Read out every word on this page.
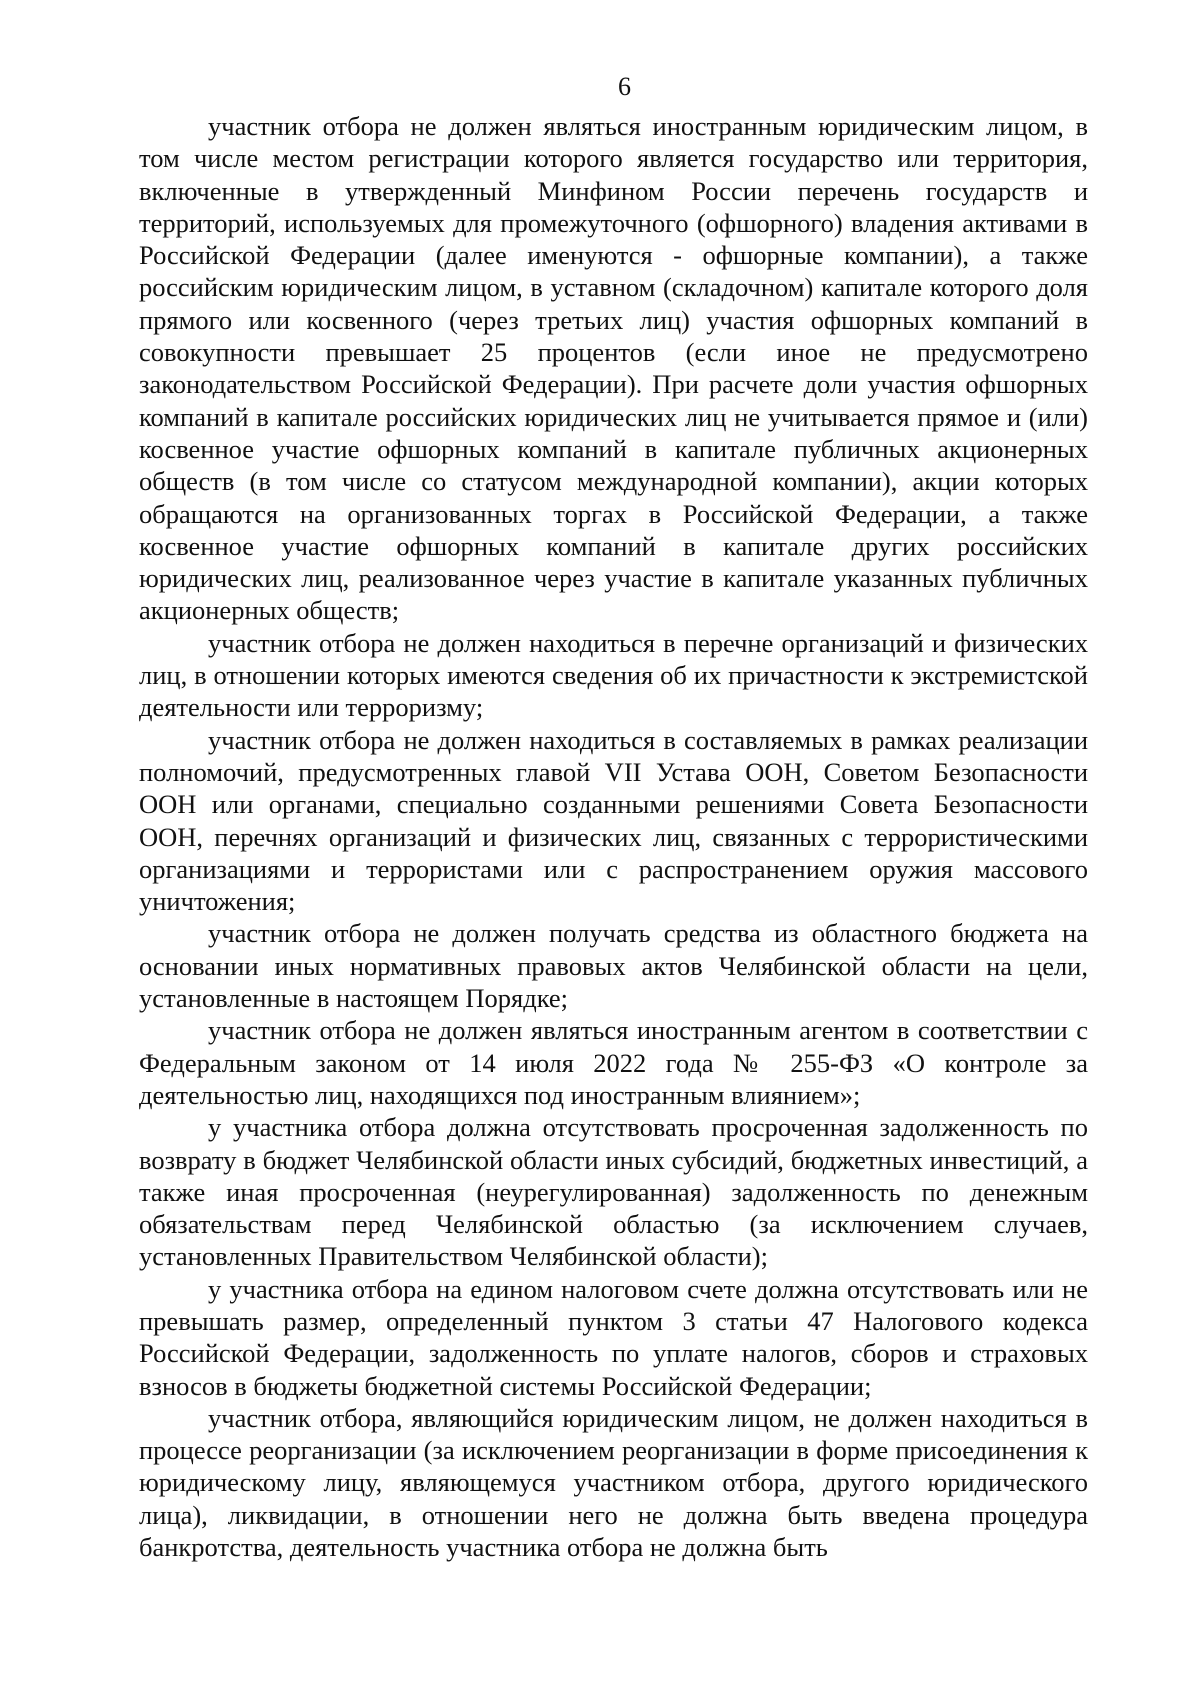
6

участник отбора не должен являться иностранным юридическим лицом, в том числе местом регистрации которого является государство или территория, включенные в утвержденный Минфином России перечень государств и территорий, используемых для промежуточного (офшорного) владения активами в Российской Федерации (далее именуются - офшорные компании), а также российским юридическим лицом, в уставном (складочном) капитале которого доля прямого или косвенного (через третьих лиц) участия офшорных компаний в совокупности превышает 25 процентов (если иное не предусмотрено законодательством Российской Федерации). При расчете доли участия офшорных компаний в капитале российских юридических лиц не учитывается прямое и (или) косвенное участие офшорных компаний в капитале публичных акционерных обществ (в том числе со статусом международной компании), акции которых обращаются на организованных торгах в Российской Федерации, а также косвенное участие офшорных компаний в капитале других российских юридических лиц, реализованное через участие в капитале указанных публичных акционерных обществ;

участник отбора не должен находиться в перечне организаций и физических лиц, в отношении которых имеются сведения об их причастности к экстремистской деятельности или терроризму;

участник отбора не должен находиться в составляемых в рамках реализации полномочий, предусмотренных главой VII Устава ООН, Советом Безопасности ООН или органами, специально созданными решениями Совета Безопасности ООН, перечнях организаций и физических лиц, связанных с террористическими организациями и террористами или с распространением оружия массового уничтожения;

участник отбора не должен получать средства из областного бюджета на основании иных нормативных правовых актов Челябинской области на цели, установленные в настоящем Порядке;

участник отбора не должен являться иностранным агентом в соответствии с Федеральным законом от 14 июля 2022 года № 255-ФЗ «О контроле за деятельностью лиц, находящихся под иностранным влиянием»;

у участника отбора должна отсутствовать просроченная задолженность по возврату в бюджет Челябинской области иных субсидий, бюджетных инвестиций, а также иная просроченная (неурегулированная) задолженность по денежным обязательствам перед Челябинской областью (за исключением случаев, установленных Правительством Челябинской области);

у участника отбора на едином налоговом счете должна отсутствовать или не превышать размер, определенный пунктом 3 статьи 47 Налогового кодекса Российской Федерации, задолженность по уплате налогов, сборов и страховых взносов в бюджеты бюджетной системы Российской Федерации;

участник отбора, являющийся юридическим лицом, не должен находиться в процессе реорганизации (за исключением реорганизации в форме присоединения к юридическому лицу, являющемуся участником отбора, другого юридического лица), ликвидации, в отношении него не должна быть введена процедура банкротства, деятельность участника отбора не должна быть
